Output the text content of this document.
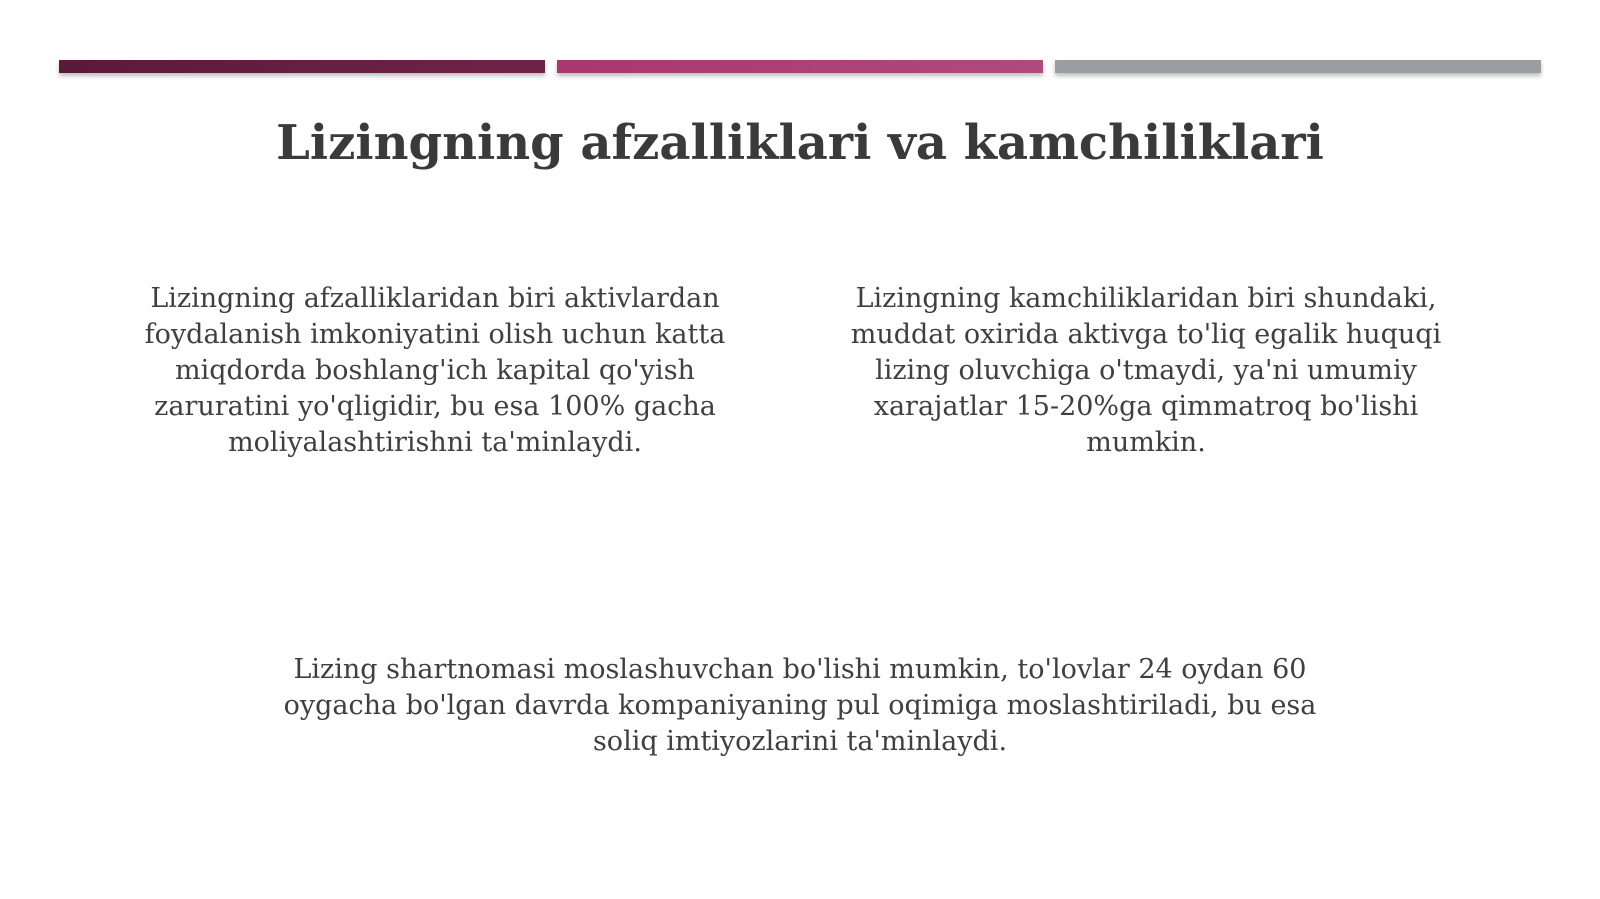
Lizingning afzalliklari va kamchiliklari

Lizingning afzalliklaridan biri aktivlardan foydalanish imkoniyatini olish uchun katta miqdorda boshlang'ich kapital qo'yish zaruratini yo'qligidir, bu esa 100% gacha moliyalashtirishni ta'minlaydi.

Lizingning kamchiliklaridan biri shundaki, muddat oxirida aktivga to'liq egalik huquqi lizing oluvchiga o'tmaydi, ya'ni umumiy xarajatlar 15-20%ga qimmatroq bo'lishi mumkin.

Lizing shartnomasi moslashuvchan bo'lishi mumkin, to'lovlar 24 oydan 60 oygacha bo'lgan davrda kompaniyaning pul oqimiga moslashtiriladi, bu esa soliq imtiyozlarini ta'minlaydi.
